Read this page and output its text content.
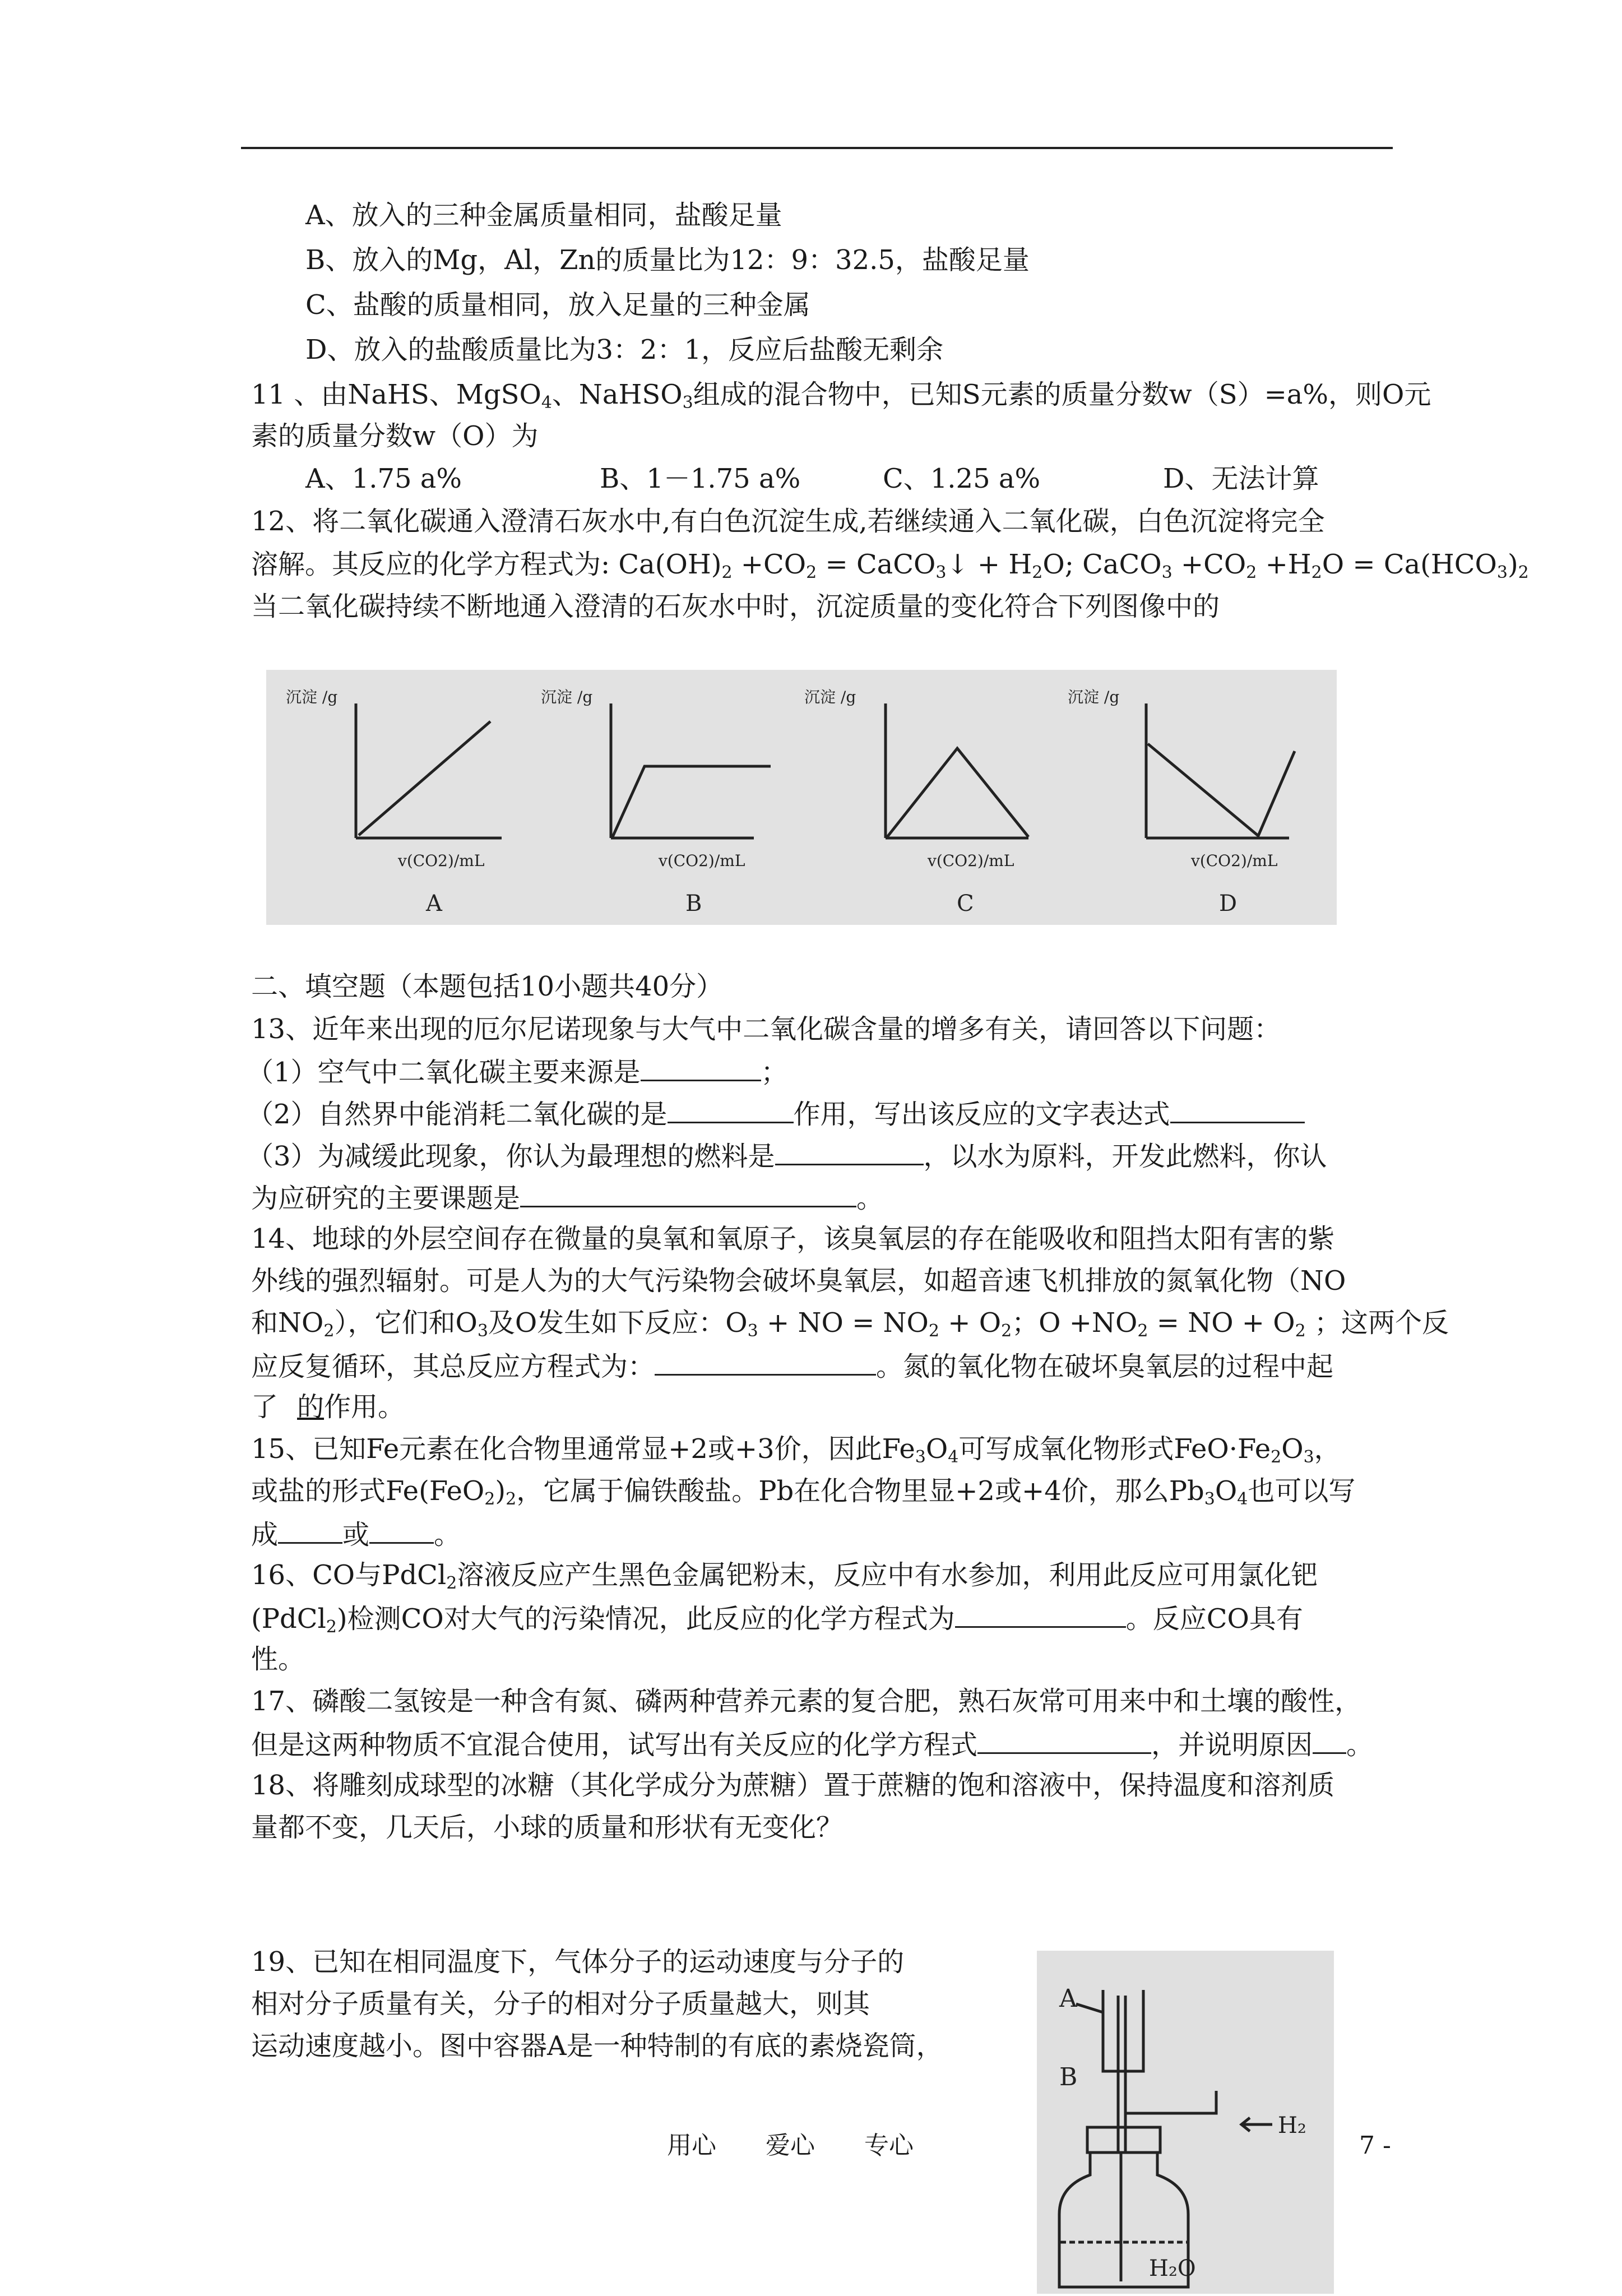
A、放入的三种金属质量相同，盐酸足量
B、放入的Mg，Al，Zn的质量比为12：9：32.5，盐酸足量
C、盐酸的质量相同，放入足量的三种金属
D、放入的盐酸质量比为3：2：1，反应后盐酸无剩余
11 、由NaHS、MgSO$_4$、NaHSO$_3$组成的混合物中，已知S元素的质量分数w（S）=a%，则O元
素的质量分数w（O）为
A、1.75 a%	B、1－1.75 a%	C、1.25 a%	D、无法计算
12、将二氧化碳通入澄清石灰水中,有白色沉淀生成,若继续通入二氧化碳，白色沉淀将完全
溶解。其反应的化学方程式为: $Ca(OH)_2 +CO_2$ = CaCO$_3$↓ + $H_2O$; CaCO$_3$ $+CO_2 +H_2O = Ca(HCO_3)_2$
当二氧化碳持续不断地通入澄清的石灰水中时，沉淀质量的变化符合下列图像中的
沉淀 /g
v(CO2)/mL
A
沉淀 /g
v(CO2)/mL
B
沉淀 /g
v(CO2)/mL
C
沉淀 /g
v(CO2)/mL
D
二、填空题（本题包括10小题共40分）
13、近年来出现的厄尔尼诺现象与大气中二氧化碳含量的增多有关，请回答以下问题：
（1）空气中二氧化碳主要来源是	；
（2）自然界中能消耗二氧化碳的是	作用，写出该反应的文字表达式
（3）为减缓此现象，你认为最理想的燃料是	，以水为原料，开发此燃料，你认
为应研究的主要课题是	。
14、地球的外层空间存在微量的臭氧和氧原子，该臭氧层的存在能吸收和阻挡太阳有害的紫
外线的强烈辐射。可是人为的大气污染物会破坏臭氧层，如超音速飞机排放的氮氧化物（NO
和$NO_2$），它们和$O_3$及O发生如下反应：$O_3$ + NO = $NO_2 + O_2$；$O +NO_2$ = NO + $O_2$ ；这两个反
应反复循环，其总反应方程式为：	。氮的氧化物在破坏臭氧层的过程中起
了 的作用。
15、已知Fe元素在化合物里通常显+2或+3价，因此$Fe_3O_4$可写成氧化物形式$FeO\cdot Fe_2O_3$，
或盐的形式$Fe(FeO_2)_2$，它属于偏铁酸盐。Pb在化合物里显+2或+4价，那么$Pb_3O_4$也可以写
成 或 。
16、CO与PdCl$_2$溶液反应产生黑色金属钯粉末，反应中有水参加，利用此反应可用氯化钯
(PdCl$_2$)检测CO对大气的污染情况，此反应的化学方程式为	。反应CO具有
性。
17、磷酸二氢铵是一种含有氮、磷两种营养元素的复合肥，熟石灰常可用来中和土壤的酸性，
但是这两种物质不宜混合使用，试写出有关反应的化学方程式	，并说明原因 。
18、将雕刻成球型的冰糖（其化学成分为蔗糖）置于蔗糖的饱和溶液中，保持温度和溶剂质
量都不变，几天后，小球的质量和形状有无变化？
19、已知在相同温度下，气体分子的运动速度与分子的
相对分子质量有关，分子的相对分子质量越大，则其
运动速度越小。图中容器A是一种特制的有底的素烧瓷筒，
A
B
H₂
H₂O
用心　　爱心　　专心	7 -
